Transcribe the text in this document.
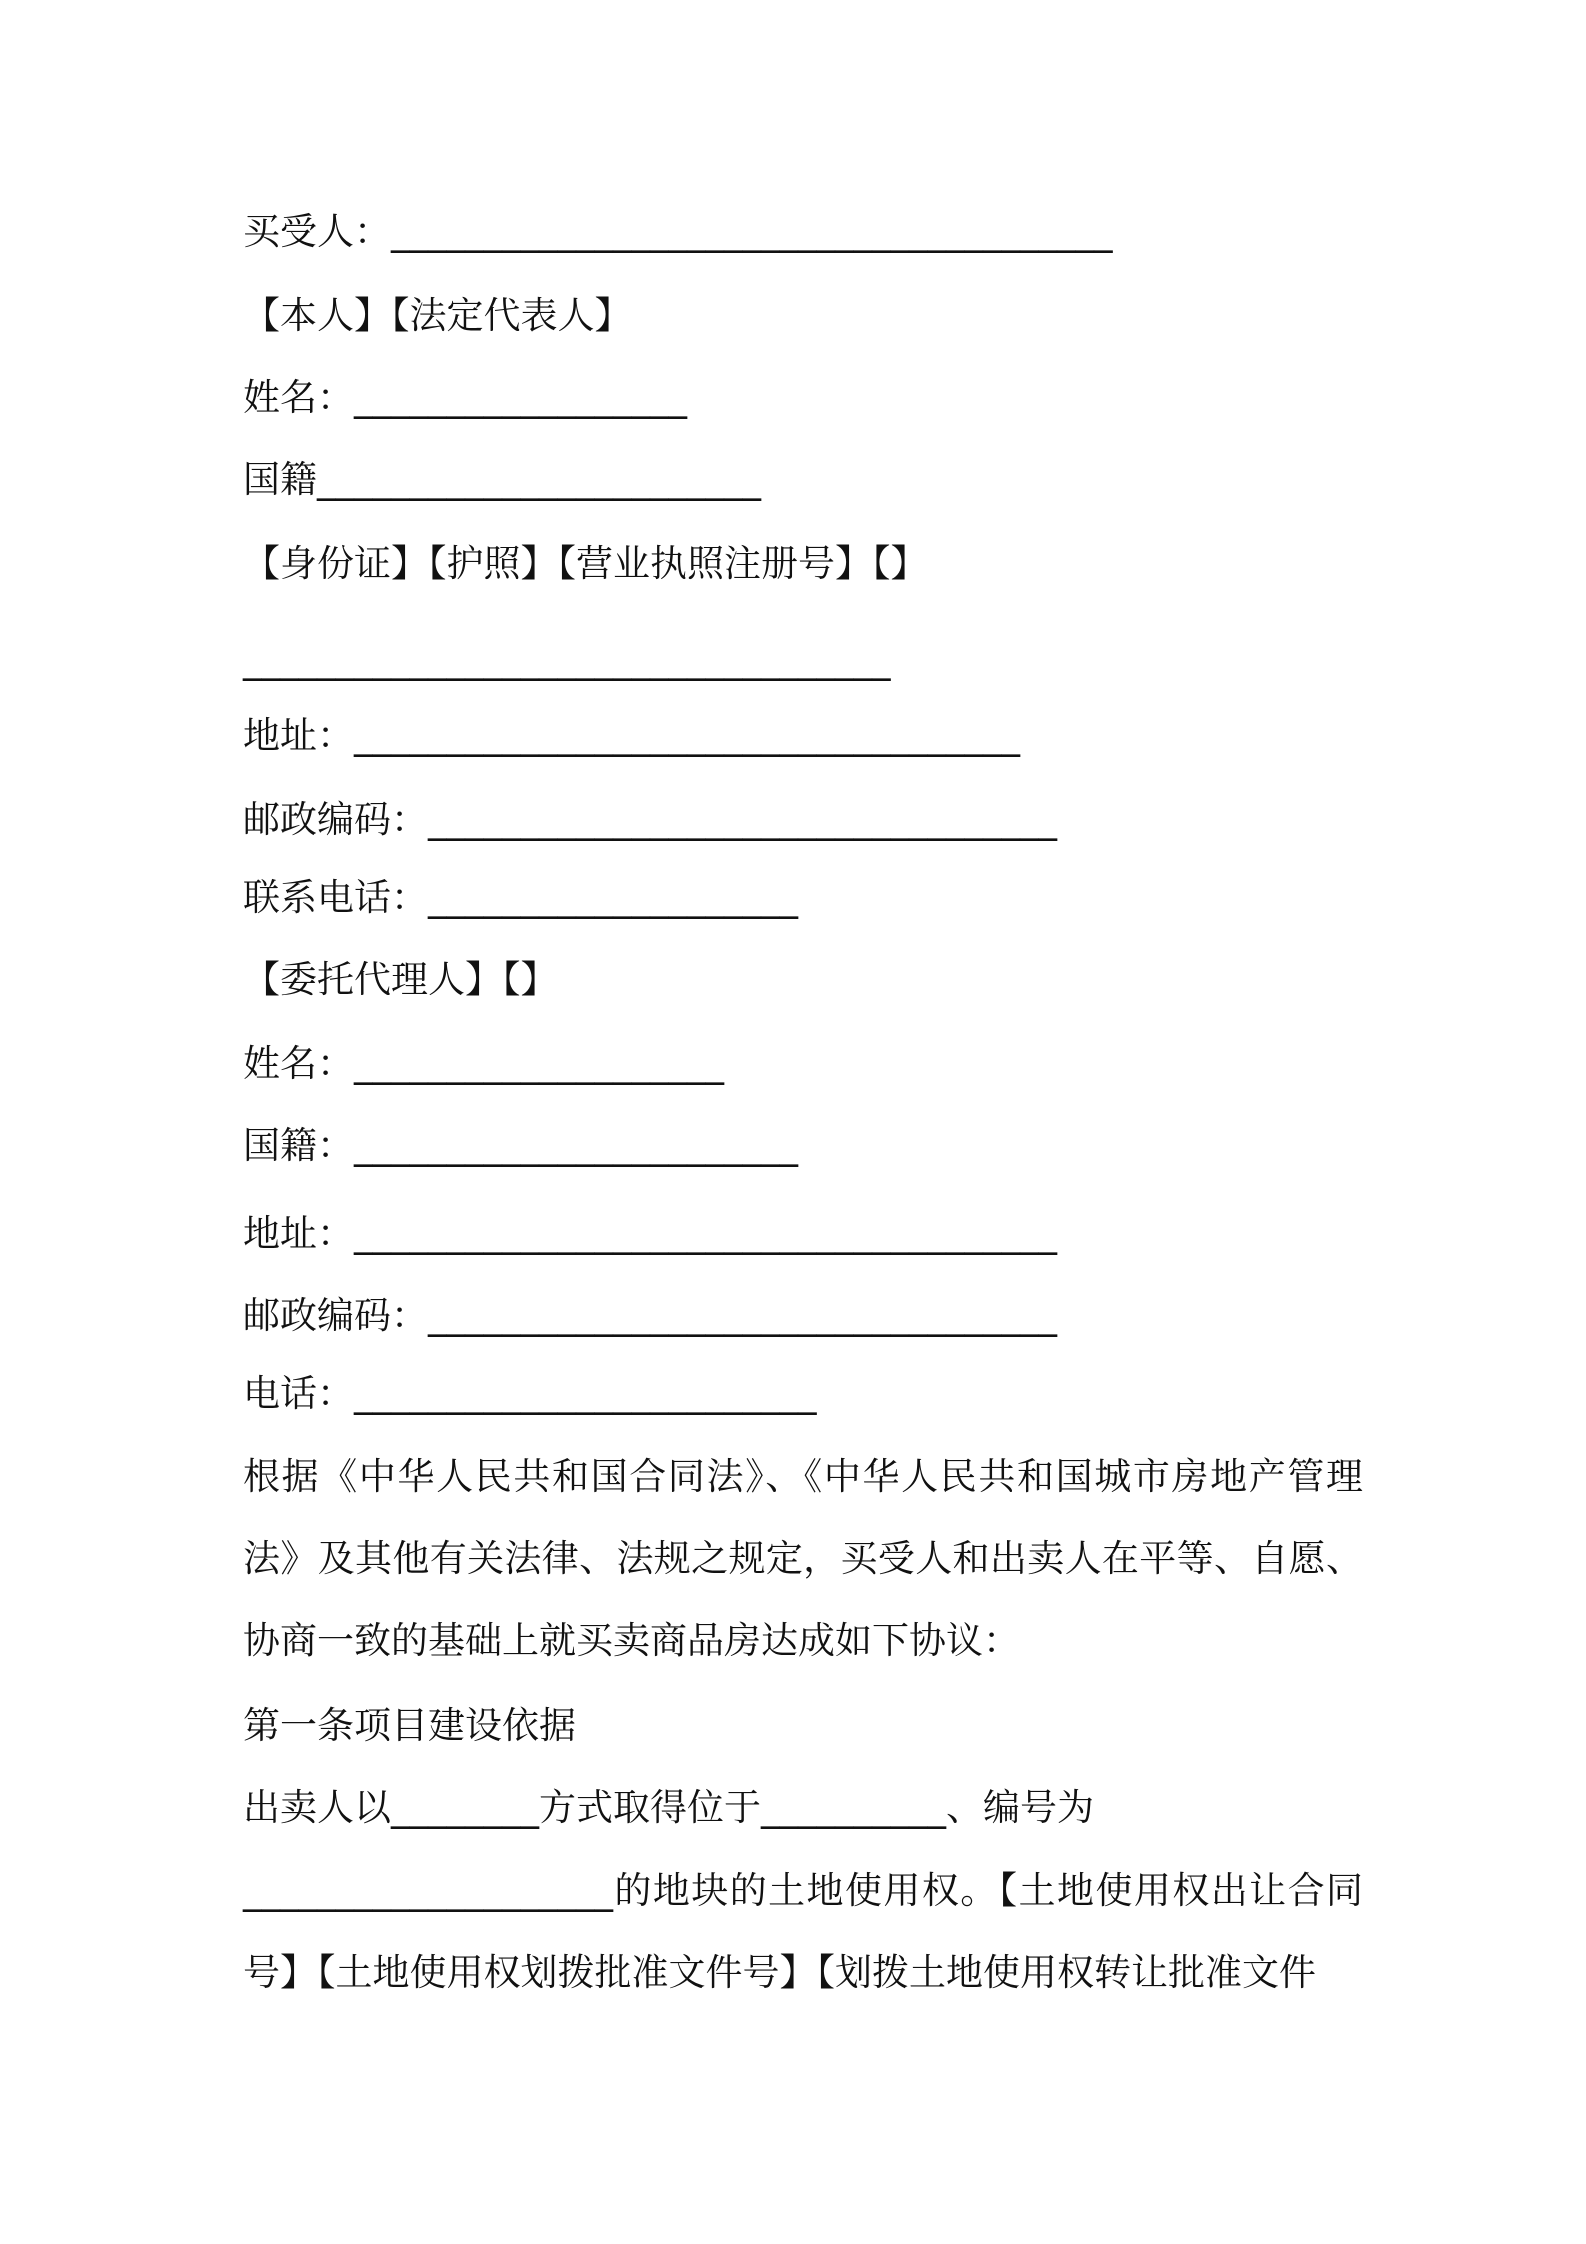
买受人：_______________________________________
【本人】【法定代表人】
姓名：__________________
国籍________________________
【身份证】【护照】【营业执照注册号】【】
___________________________________
地址：____________________________________
邮政编码：__________________________________
联系电话：____________________
【委托代理人】【】
姓名：____________________
国籍：________________________
地址：______________________________________
邮政编码：__________________________________
电话：_________________________
根据《中华人民共和国合同法》、《中华人民共和国城市房地产管理法》及其他有关法律、法规之规定，买受人和出卖人在平等、自愿、协商一致的基础上就买卖商品房达成如下协议：
第一条项目建设依据
出卖人以________方式取得位于__________、编号为
____________________的地块的土地使用权。【土地使用权出让合同号】【土地使用权划拨批准文件号】【划拨土地使用权转让批准文件
